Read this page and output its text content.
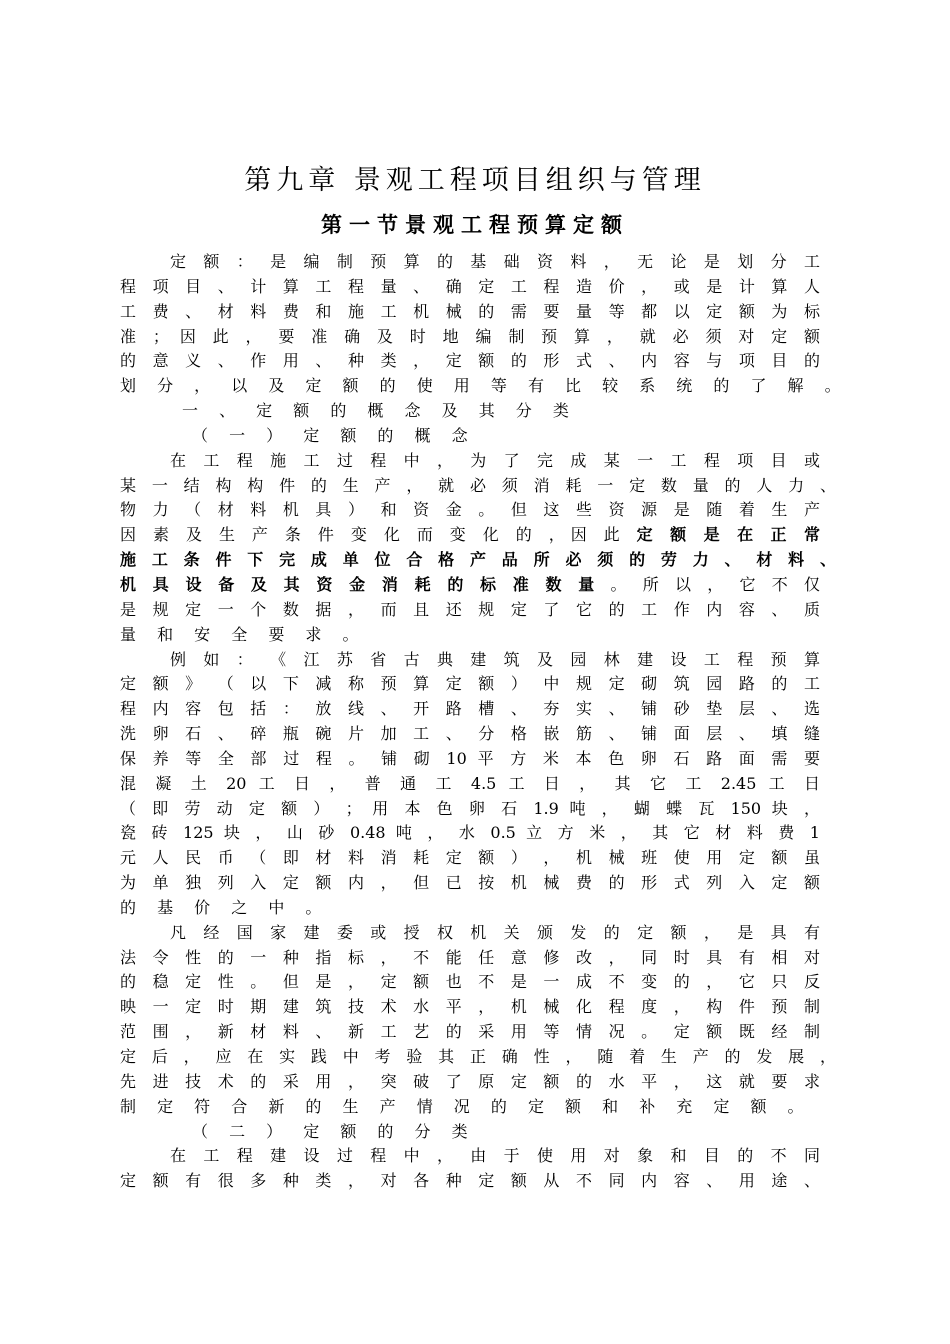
第九章 景观工程项目组织与管理
第一节景观工程预算定额
定 额 ： 是 编 制 预 算 的 基 础 资 料 ， 无 论 是 划 分 工
程 项 目 、 计 算 工 程 量 、 确 定 工 程 造 价 ， 或 是 计 算 人
工 费 、 材 料 费 和 施 工 机 械 的 需 要 量 等 都 以 定 额 为 标
准 ； 因 此 ， 要 准 确 及 时 地 编 制 预 算 ， 就 必 须 对 定 额
的 意 义 、 作 用 、 种 类 ， 定 额 的 形 式 、 内 容 与 项 目 的
划 分 ， 以 及 定 额 的 使 用 等 有 比 较 系 统 的 了 解 。
一 、 定 额 的 概 念 及 其 分 类
（ 一 ） 定 额 的 概 念
在 工 程 施 工 过 程 中 ， 为 了 完 成 某 一 工 程 项 目 或
某 一 结 构 构 件 的 生 产 ， 就 必 须 消 耗 一 定 数 量 的 人 力 、
物 力 （ 材 料 机 具 ） 和 资 金 。 但 这 些 资 源 是 随 着 生 产
因 素 及 生 产 条 件 变 化 而 变 化 的 ，因 此 定 额 是 在 正 常
施 工 条 件 下 完 成 单 位 合 格 产 品 所 必 须 的 劳 力 、 材 料 、
机 具 设 备 及 其 资 金 消 耗 的 标 准 数 量 。 所 以 ， 它 不 仅
是 规 定 一 个 数 据 ， 而 且 还 规 定 了 它 的 工 作 内 容 、 质
量 和 安 全 要 求 。
例 如 ： 《 江 苏 省 古 典 建 筑 及 园 林 建 设 工 程 预 算
定 额 》 （ 以 下 减 称 预 算 定 额 ） 中 规 定 砌 筑 园 路 的 工
程 内 容 包 括 ： 放 线 、 开 路 槽 、 夯 实 、 铺 砂 垫 层 、 选
洗 卵 石 、 碎 瓶 碗 片 加 工 、 分 格 嵌 筋 、 铺 面 层 、 填 缝
保 养 等 全 部 过 程 。 铺 砌 10 平 方 米 本 色 卵 石 路 面 需 要
混 凝 土 20 工 日 ， 普 通 工 4.5 工 日 ， 其 它 工 2.45 工 日
（ 即 劳 动 定 额 ） ； 用 本 色 卵 石 1.9 吨 ， 蝴 蝶 瓦 150 块 ，
瓷 砖 125 块 ， 山 砂 0.48 吨 ， 水 0.5 立 方 米 ， 其 它 材 料 费 1
元 人 民 币 （ 即 材 料 消 耗 定 额 ） ， 机 械 班 使 用 定 额 虽
为 单 独 列 入 定 额 内 ， 但 已 按 机 械 费 的 形 式 列 入 定 额
的 基 价 之 中 。
凡 经 国 家 建 委 或 授 权 机 关 颁 发 的 定 额 ， 是 具 有
法 令 性 的 一 种 指 标 ， 不 能 任 意 修 改 ， 同 时 具 有 相 对
的 稳 定 性 。 但 是 ， 定 额 也 不 是 一 成 不 变 的 ， 它 只 反
映 一 定 时 期 建 筑 技 术 水 平 ， 机 械 化 程 度 ， 构 件 预 制
范 围 ， 新 材 料 、 新 工 艺 的 采 用 等 情 况 。 定 额 既 经 制
定 后 ， 应 在 实 践 中 考 验 其 正 确 性 ， 随 着 生 产 的 发 展 ，
先 进 技 术 的 采 用 ， 突 破 了 原 定 额 的 水 平 ， 这 就 要 求
制 定 符 合 新 的 生 产 情 况 的 定 额 和 补 充 定 额 。
（ 二 ） 定 额 的 分 类
在 工 程 建 设 过 程 中 ， 由 于 使 用 对 象 和 目 的 不 同
定 额 有 很 多 种 类 ， 对 各 种 定 额 从 不 同 内 容 、 用 途 、
